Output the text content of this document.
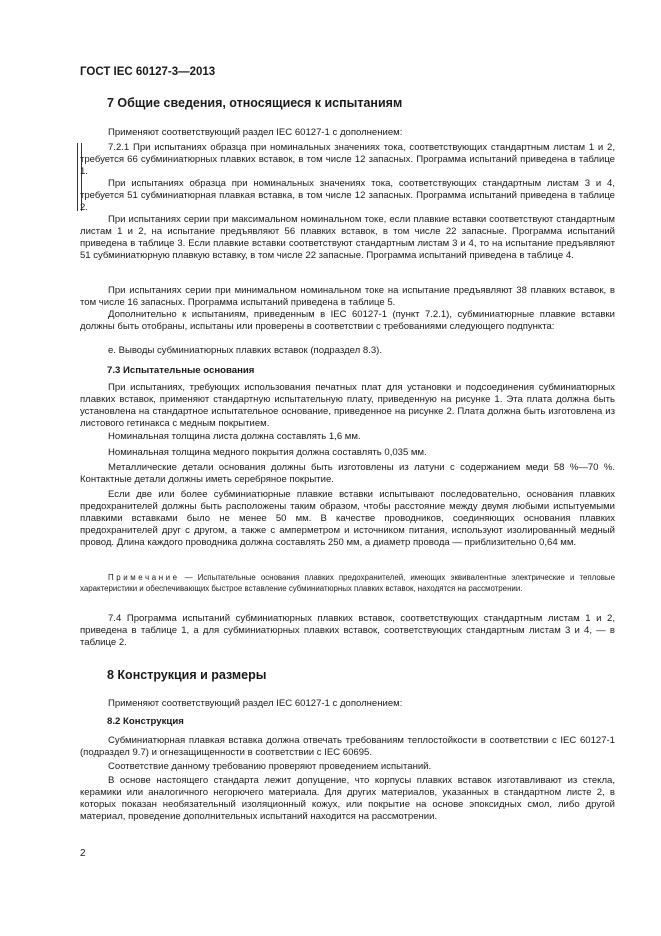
ГОСТ IEC 60127-3—2013
7 Общие сведения, относящиеся к испытаниям

Применяют соответствующий раздел IEC 60127-1 с дополнением:

7.2.1 При испытаниях образца при номинальных значениях тока, соответствующих стандартным листам 1 и 2, требуется 66 субминиатюрных плавких вставок, в том числе 12 запасных. Программа испытаний приведена в таблице 1.

При испытаниях образца при номинальных значениях тока, соответствующих стандартным листам 3 и 4, требуется 51 субминиатюрная плавкая вставка, в том числе 12 запасных. Программа испытаний приведена в таблице 2.

При испытаниях серии при максимальном номинальном токе, если плавкие вставки соответствуют стандартным листам 1 и 2, на испытание предъявляют 56 плавких вставок, в том числе 22 запасные. Программа испытаний приведена в таблице 3. Если плавкие вставки соответствуют стандартным листам 3 и 4, то на испытание предъявляют 51 субминиатюрную плавкую вставку, в том числе 22 запасные. Программа испытаний приведена в таблице 4.

При испытаниях серии при минимальном номинальном токе на испытание предъявляют 38 плавких вставок, в том числе 16 запасных. Программа испытаний приведена в таблице 5.

Дополнительно к испытаниям, приведенным в IEC 60127-1 (пункт 7.2.1), субминиатюрные плавкие вставки должны быть отобраны, испытаны или проверены в соответствии с требованиями следующего подпункта:

е. Выводы субминиатюрных плавких вставок (подраздел 8.3).

7.3 Испытательные основания

При испытаниях, требующих использования печатных плат для установки и подсоединения субминиатюрных плавких вставок, применяют стандартную испытательную плату, приведенную на рисунке 1. Эта плата должна быть установлена на стандартное испытательное основание, приведенное на рисунке 2. Плата должна быть изготовлена из листового гетинакса с медным покрытием.

Номинальная толщина листа должна составлять 1,6 мм.

Номинальная толщина медного покрытия должна составлять 0,035 мм.

Металлические детали основания должны быть изготовлены из латуни с содержанием меди 58 %—70 %. Контактные детали должны иметь серебряное покрытие.

Если две или более субминиатюрные плавкие вставки испытывают последовательно, основания плавких предохранителей должны быть расположены таким образом, чтобы расстояние между двумя любыми испытуемыми плавкими вставками было не менее 50 мм. В качестве проводников, соединяющих основания плавких предохранителей друг с другом, а также с амперметром и источником питания, используют изолированный медный провод. Длина каждого проводника должна составлять 250 мм, а диаметр провода — приблизительно 0,64 мм.

Примечание — Испытательные основания плавких предохранителей, имеющих эквивалентные электрические и тепловые характеристики и обеспечивающих быстрое вставление субминиатюрных плавких вставок, находятся на рассмотрении.

7.4 Программа испытаний субминиатюрных плавких вставок, соответствующих стандартным листам 1 и 2, приведена в таблице 1, а для субминиатюрных плавких вставок, соответствующих стандартным листам 3 и 4, — в таблице 2.

8 Конструкция и размеры

Применяют соответствующий раздел IEC 60127-1 с дополнением:

8.2 Конструкция

Субминиатюрная плавкая вставка должна отвечать требованиям теплостойкости в соответствии с IEC 60127-1 (подраздел 9.7) и огнезащищенности в соответствии с IEC 60695.

Соответствие данному требованию проверяют проведением испытаний.

В основе настоящего стандарта лежит допущение, что корпусы плавких вставок изготавливают из стекла, керамики или аналогичного негорючего материала. Для других материалов, указанных в стандартном листе 2, в которых показан необязательный изоляционный кожух, или покрытие на основе эпоксидных смол, либо другой материал, проведение дополнительных испытаний находится на рассмотрении.

2
